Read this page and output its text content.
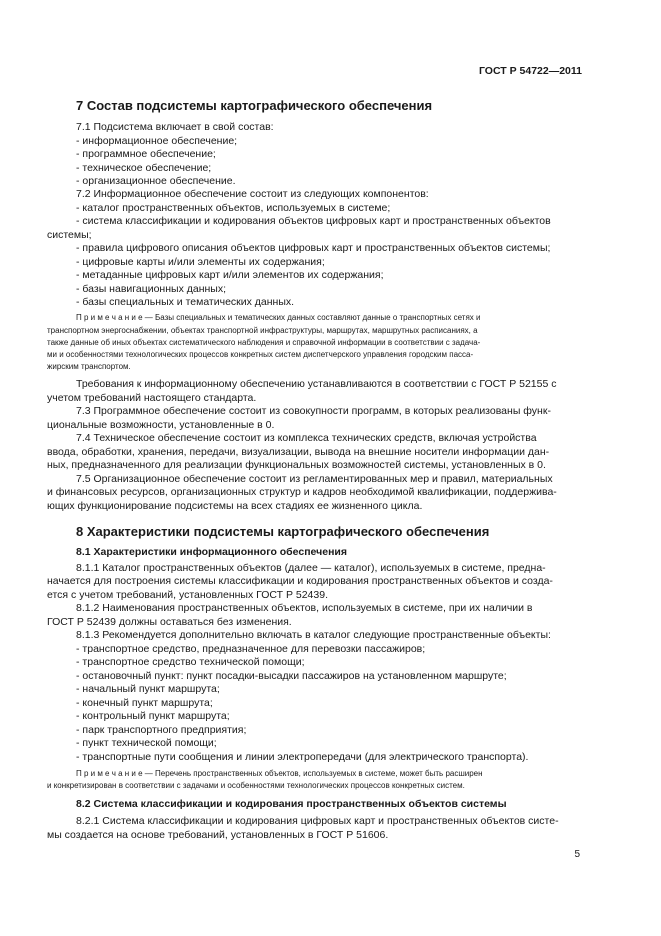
ГОСТ Р 54722—2011
7 Состав подсистемы картографического обеспечения
7.1 Подсистема включает в свой состав:
- информационное обеспечение;
- программное обеспечение;
- техническое обеспечение;
- организационное обеспечение.
7.2 Информационное обеспечение состоит из следующих компонентов:
- каталог пространственных объектов, используемых в системе;
- система классификации и кодирования объектов цифровых карт и пространственных объектов
системы;
- правила цифрового описания объектов цифровых карт и пространственных объектов системы;
- цифровые карты и/или элементы их содержания;
- метаданные цифровых карт и/или элементов их содержания;
- базы навигационных данных;
- базы специальных и тематических данных.
П р и м е ч а н и е — Базы специальных и тематических данных составляют данные о транспортных сетях и
транспортном энергоснабжении, объектах транспортной инфраструктуры, маршрутах, маршрутных расписаниях, а
также данные об иных объектах систематического наблюдения и справочной информации в соответствии с задача-
ми и особенностями технологических процессов конкретных систем диспетчерского управления городским пасса-
жирским транспортом.
Требования к информационному обеспечению устанавливаются в соответствии с ГОСТ Р 52155 с
учетом требований настоящего стандарта.
7.3 Программное обеспечение состоит из совокупности программ, в которых реализованы функ-
циональные возможности, установленные в 0.
7.4 Техническое обеспечение состоит из комплекса технических средств, включая устройства
ввода, обработки, хранения, передачи, визуализации, вывода на внешние носители информации дан-
ных, предназначенного для реализации функциональных возможностей системы, установленных в 0.
7.5 Организационное обеспечение состоит из регламентированных мер и правил, материальных
и финансовых ресурсов, организационных структур и кадров необходимой квалификации, поддержива-
ющих функционирование подсистемы на всех стадиях ее жизненного цикла.
8 Характеристики подсистемы картографического обеспечения
8.1 Характеристики информационного обеспечения
8.1.1 Каталог пространственных объектов (далее — каталог), используемых в системе, предна-
начается для построения системы классификации и кодирования пространственных объектов и созда-
ется с учетом требований, установленных ГОСТ Р 52439.
8.1.2 Наименования пространственных объектов, используемых в системе, при их наличии в
ГОСТ Р 52439 должны оставаться без изменения.
8.1.3 Рекомендуется дополнительно включать в каталог следующие пространственные объекты:
- транспортное средство, предназначенное для перевозки пассажиров;
- транспортное средство технической помощи;
- остановочный пункт: пункт посадки-высадки пассажиров на установленном маршруте;
- начальный пункт маршрута;
- конечный пункт маршрута;
- контрольный пункт маршрута;
- парк транспортного предприятия;
- пункт технической помощи;
- транспортные пути сообщения и линии электропередачи (для электрического транспорта).
П р и м е ч а н и е — Перечень пространственных объектов, используемых в системе, может быть расширен
и конкретизирован в соответствии с задачами и особенностями технологических процессов конкретных систем.
8.2 Система классификации и кодирования пространственных объектов системы
8.2.1 Система классификации и кодирования цифровых карт и пространственных объектов систе-
мы создается на основе требований, установленных в ГОСТ Р 51606.
5
